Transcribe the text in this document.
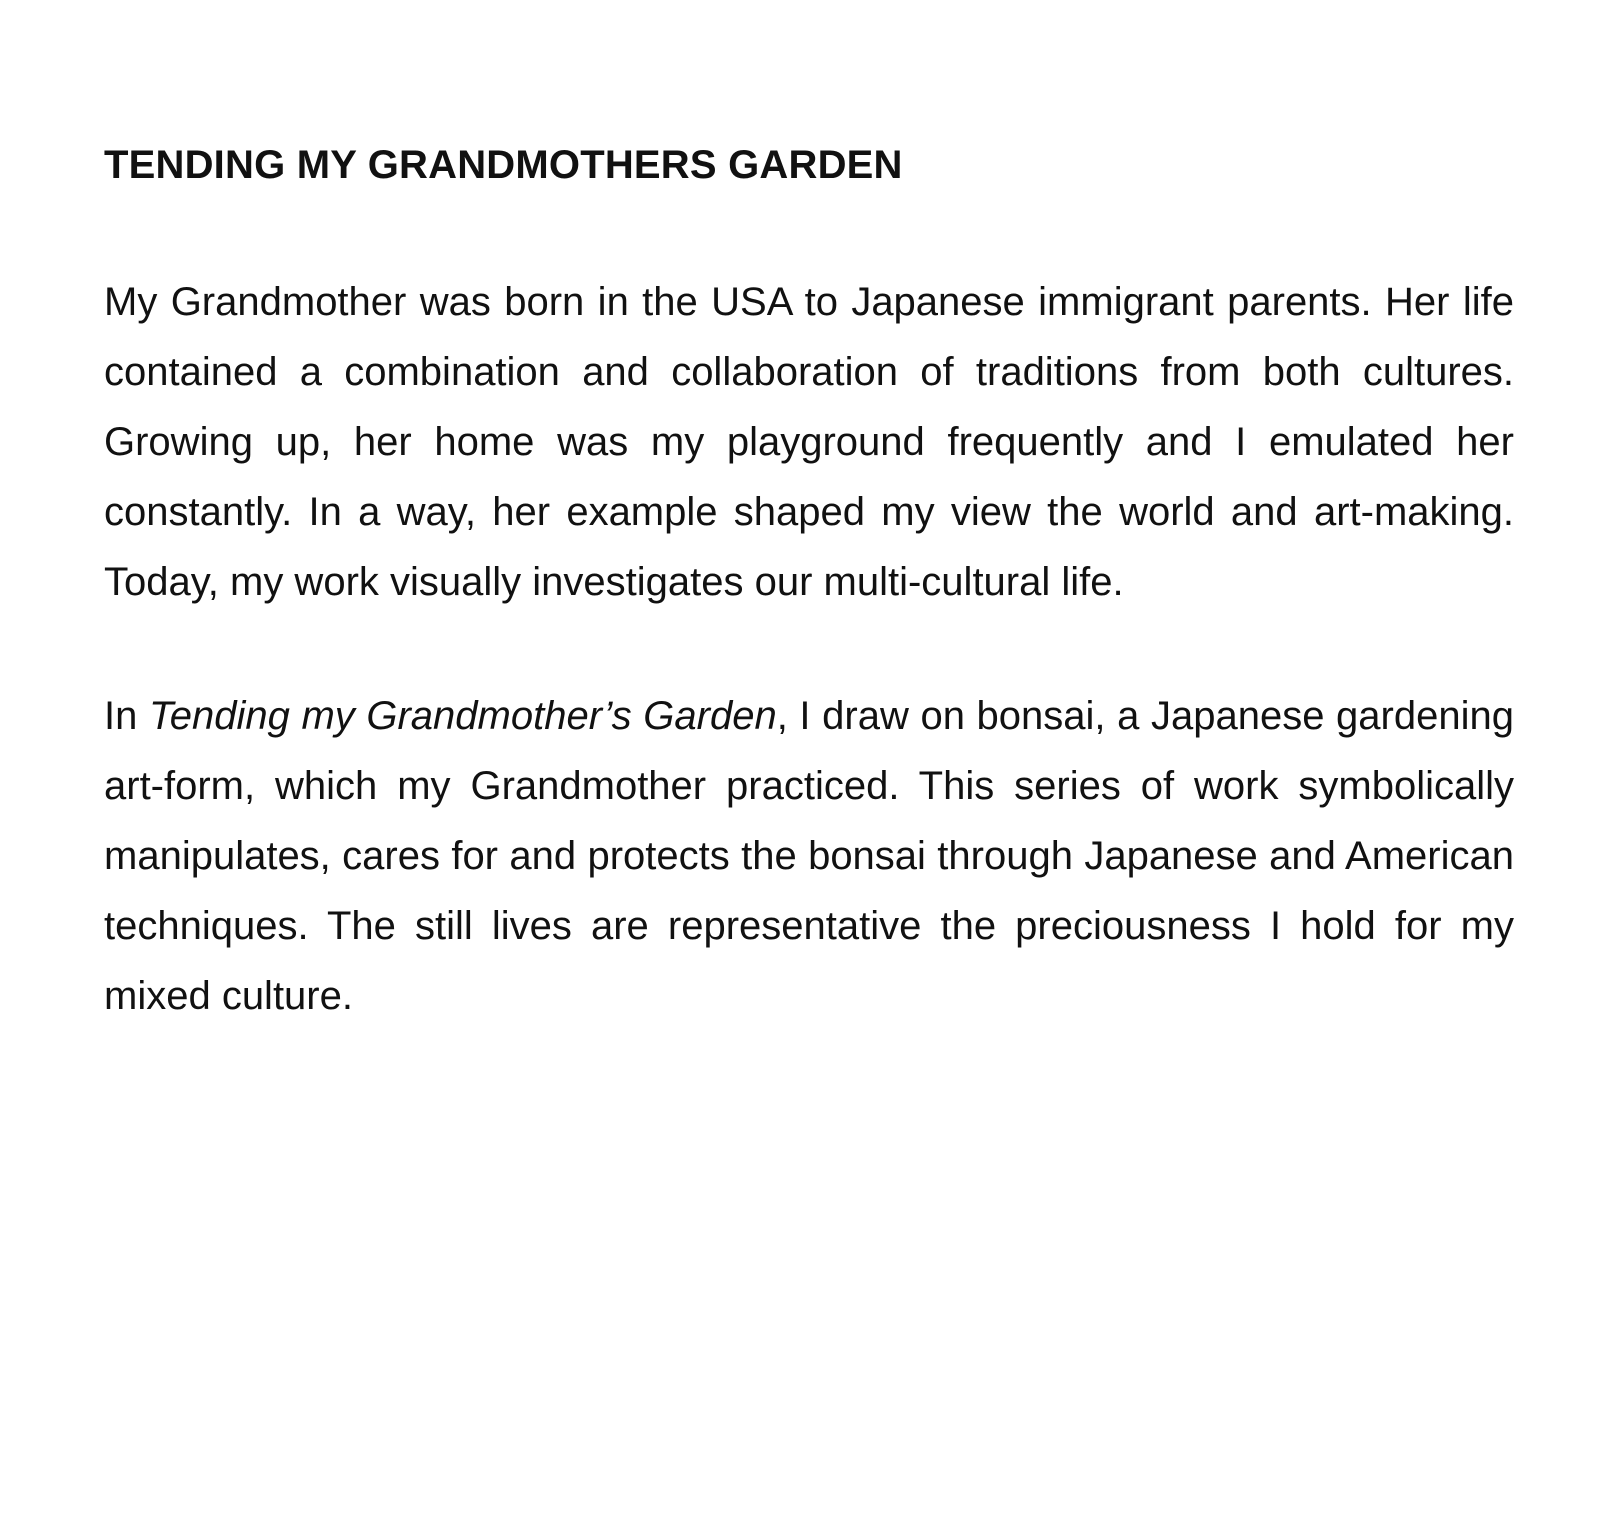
TENDING MY GRANDMOTHERS GARDEN

My Grandmother was born in the USA to Japanese immigrant parents. Her life contained a combination and collaboration of traditions from both cultures. Growing up, her home was my playground frequently and I emulated her constantly. In a way, her example shaped my view the world and art-making. Today, my work visually investigates our multi-cultural life.

In Tending my Grandmother’s Garden, I draw on bonsai, a Japanese gardening art-form, which my Grandmother practiced. This series of work symbolically manipulates, cares for and protects the bonsai through Japanese and American techniques. The still lives are representative the preciousness I hold for my mixed culture.
